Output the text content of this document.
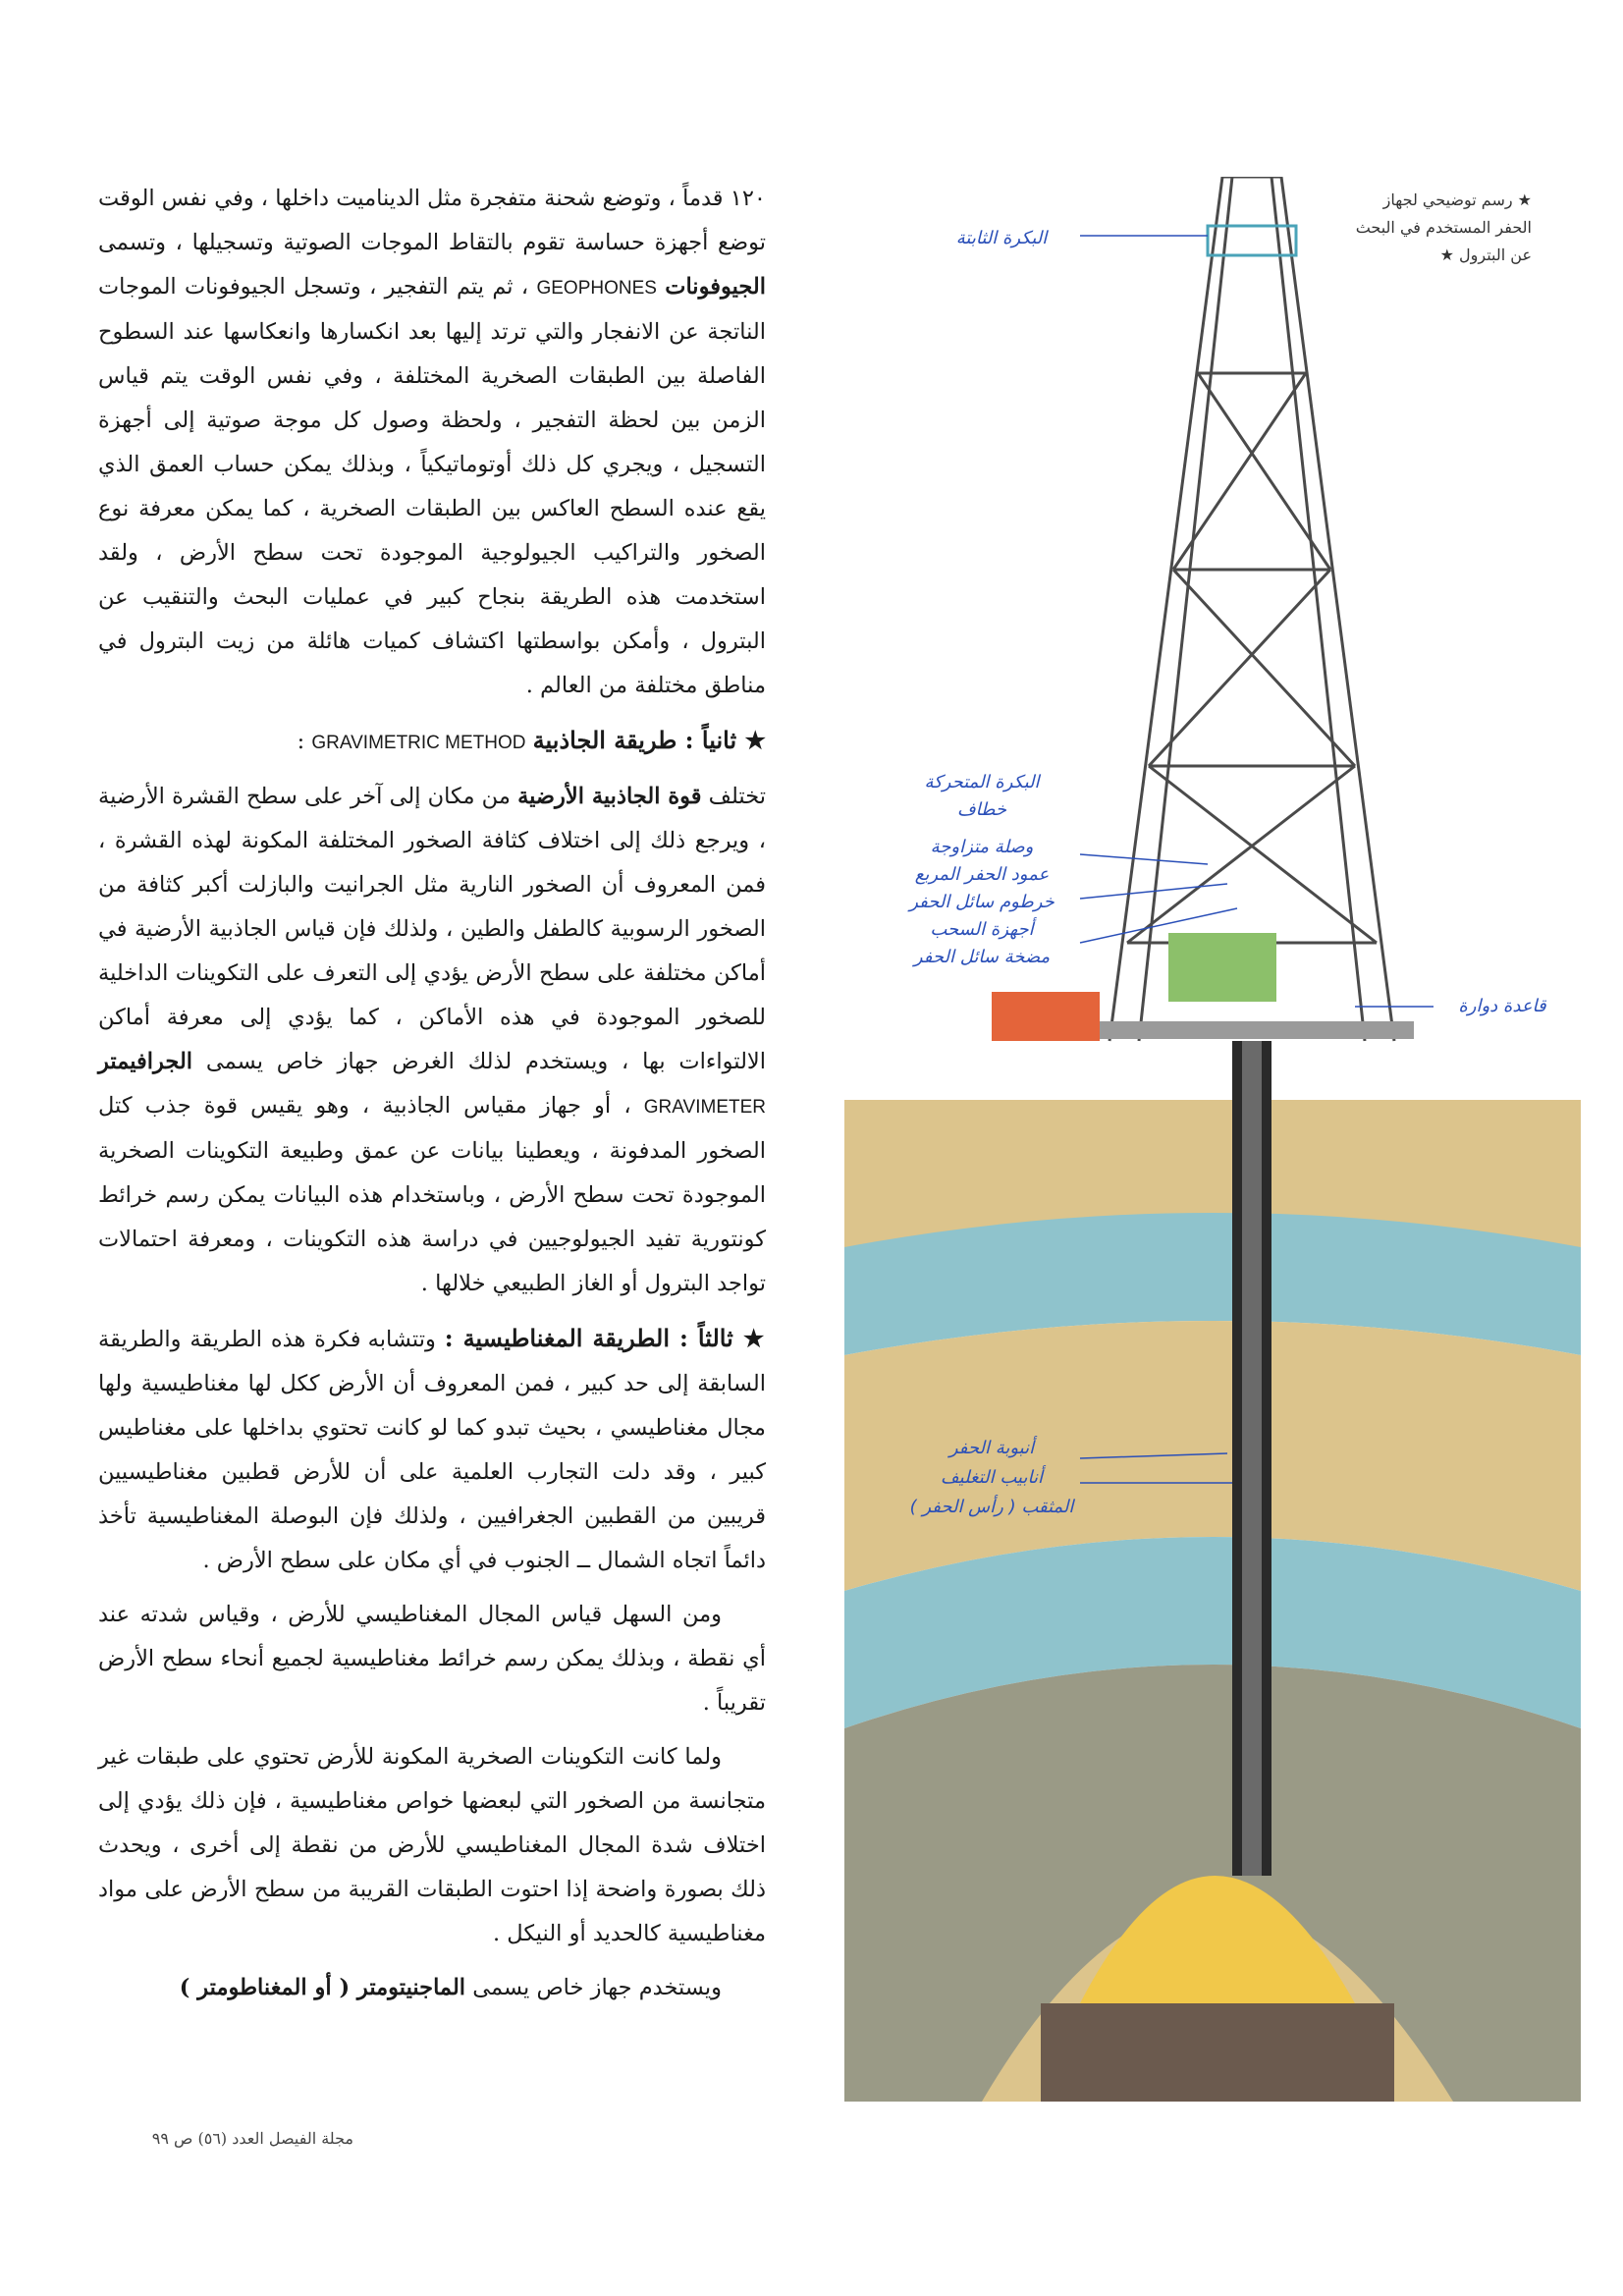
١٢٠ قدماً ، وتوضع شحنة متفجرة مثل الديناميت داخلها ، وفي نفس الوقت توضع أجهزة حساسة تقوم بالتقاط الموجات الصوتية وتسجيلها ، وتسمى الجيوفونات GEOPHONES ، ثم يتم التفجير ، وتسجل الجيوفونات الموجات الناتجة عن الانفجار والتي ترتد إليها بعد انكسارها وانعكاسها عند السطوح الفاصلة بين الطبقات الصخرية المختلفة ، وفي نفس الوقت يتم قياس الزمن بين لحظة التفجير ، ولحظة وصول كل موجة صوتية إلى أجهزة التسجيل ، ويجري كل ذلك أوتوماتيكياً ، وبذلك يمكن حساب العمق الذي يقع عنده السطح العاكس بين الطبقات الصخرية ، كما يمكن معرفة نوع الصخور والتراكيب الجيولوجية الموجودة تحت سطح الأرض ، ولقد استخدمت هذه الطريقة بنجاح كبير في عمليات البحث والتنقيب عن البترول ، وأمكن بواسطتها اكتشاف كميات هائلة من زيت البترول في مناطق مختلفة من العالم .

★ ثانياً : طريقة الجاذبية GRAVIMETRIC METHOD :

تختلف قوة الجاذبية الأرضية من مكان إلى آخر على سطح القشرة الأرضية ، ويرجع ذلك إلى اختلاف كثافة الصخور المختلفة المكونة لهذه القشرة ، فمن المعروف أن الصخور النارية مثل الجرانيت والبازلت أكبر كثافة من الصخور الرسوبية كالطفل والطين ، ولذلك فإن قياس الجاذبية الأرضية في أماكن مختلفة على سطح الأرض يؤدي إلى التعرف على التكوينات الداخلية للصخور الموجودة في هذه الأماكن ، كما يؤدي إلى معرفة أماكن الالتواءات بها ، ويستخدم لذلك الغرض جهاز خاص يسمى الجرافيمتر GRAVIMETER ، أو جهاز مقياس الجاذبية ، وهو يقيس قوة جذب كتل الصخور المدفونة ، ويعطينا بيانات عن عمق وطبيعة التكوينات الصخرية الموجودة تحت سطح الأرض ، وباستخدام هذه البيانات يمكن رسم خرائط كونتورية تفيد الجيولوجيين في دراسة هذه التكوينات ، ومعرفة احتمالات تواجد البترول أو الغاز الطبيعي خلالها .

★ ثالثاً : الطريقة المغناطيسية : وتتشابه فكرة هذه الطريقة والطريقة السابقة إلى حد كبير ، فمن المعروف أن الأرض ككل لها مغناطيسية ولها مجال مغناطيسي ، بحيث تبدو كما لو كانت تحتوي بداخلها على مغناطيس كبير ، وقد دلت التجارب العلمية على أن للأرض قطبين مغناطيسيين قريبين من القطبين الجغرافيين ، ولذلك فإن البوصلة المغناطيسية تأخذ دائماً اتجاه الشمال ــ الجنوب في أي مكان على سطح الأرض .

ومن السهل قياس المجال المغناطيسي للأرض ، وقياس شدته عند أي نقطة ، وبذلك يمكن رسم خرائط مغناطيسية لجميع أنحاء سطح الأرض تقريباً .

ولما كانت التكوينات الصخرية المكونة للأرض تحتوي على طبقات غير متجانسة من الصخور التي لبعضها خواص مغناطيسية ، فإن ذلك يؤدي إلى اختلاف شدة المجال المغناطيسي للأرض من نقطة إلى أخرى ، ويحدث ذلك بصورة واضحة إذا احتوت الطبقات القريبة من سطح الأرض على مواد مغناطيسية كالحديد أو النيكل .

ويستخدم جهاز خاص يسمى الماجنيتومتر ( أو المغناطومتر )

★ رسم توضيحي لجهاز
الحفر المستخدم في البحث
عن البترول ★
البكرة الثابتة
البكرة المتحركة
خطاف
وصلة متزاوجة
عمود الحفر المربع
خرطوم سائل الحفر
أجهزة السحب
مضخة سائل الحفر
قاعدة دوارة
أنبوبة الحفر
أنابيب التغليف
المثقب ( رأس الحفر )
مجلة الفيصل العدد (٥٦) ص ٩٩
